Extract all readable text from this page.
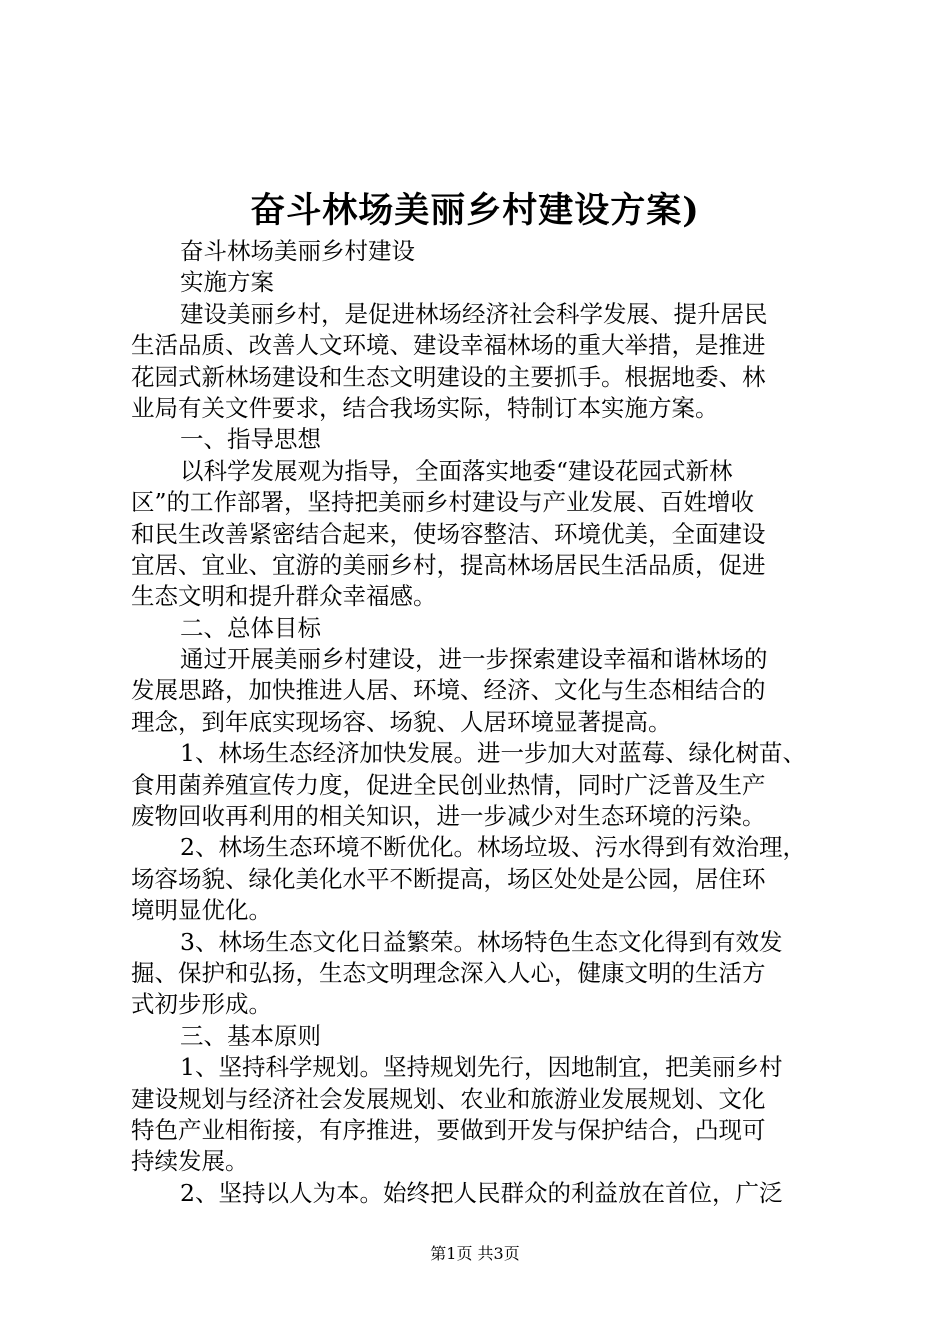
奋斗林场美丽乡村建设方案)
奋斗林场美丽乡村建设
实施方案
建设美丽乡村，是促进林场经济社会科学发展、提升居民
生活品质、改善人文环境、建设幸福林场的重大举措，是推进
花园式新林场建设和生态文明建设的主要抓手。根据地委、林
业局有关文件要求，结合我场实际，特制订本实施方案。
一、指导思想
以科学发展观为指导，全面落实地委“建设花园式新林
区”的工作部署，坚持把美丽乡村建设与产业发展、百姓增收
和民生改善紧密结合起来，使场容整洁、环境优美，全面建设
宜居、宜业、宜游的美丽乡村，提高林场居民生活品质，促进
生态文明和提升群众幸福感。
二、总体目标
通过开展美丽乡村建设，进一步探索建设幸福和谐林场的
发展思路，加快推进人居、环境、经济、文化与生态相结合的
理念，到年底实现场容、场貌、人居环境显著提高。
1、林场生态经济加快发展。进一步加大对蓝莓、绿化树苗、
食用菌养殖宣传力度，促进全民创业热情，同时广泛普及生产
废物回收再利用的相关知识，进一步减少对生态环境的污染。
2、林场生态环境不断优化。林场垃圾、污水得到有效治理，
场容场貌、绿化美化水平不断提高，场区处处是公园，居住环
境明显优化。
3、林场生态文化日益繁荣。林场特色生态文化得到有效发
掘、保护和弘扬，生态文明理念深入人心，健康文明的生活方
式初步形成。
三、基本原则
1、坚持科学规划。坚持规划先行，因地制宜，把美丽乡村
建设规划与经济社会发展规划、农业和旅游业发展规划、文化
特色产业相衔接，有序推进，要做到开发与保护结合，凸现可
持续发展。
2、坚持以人为本。始终把人民群众的利益放在首位，广泛
第1页 共3页
